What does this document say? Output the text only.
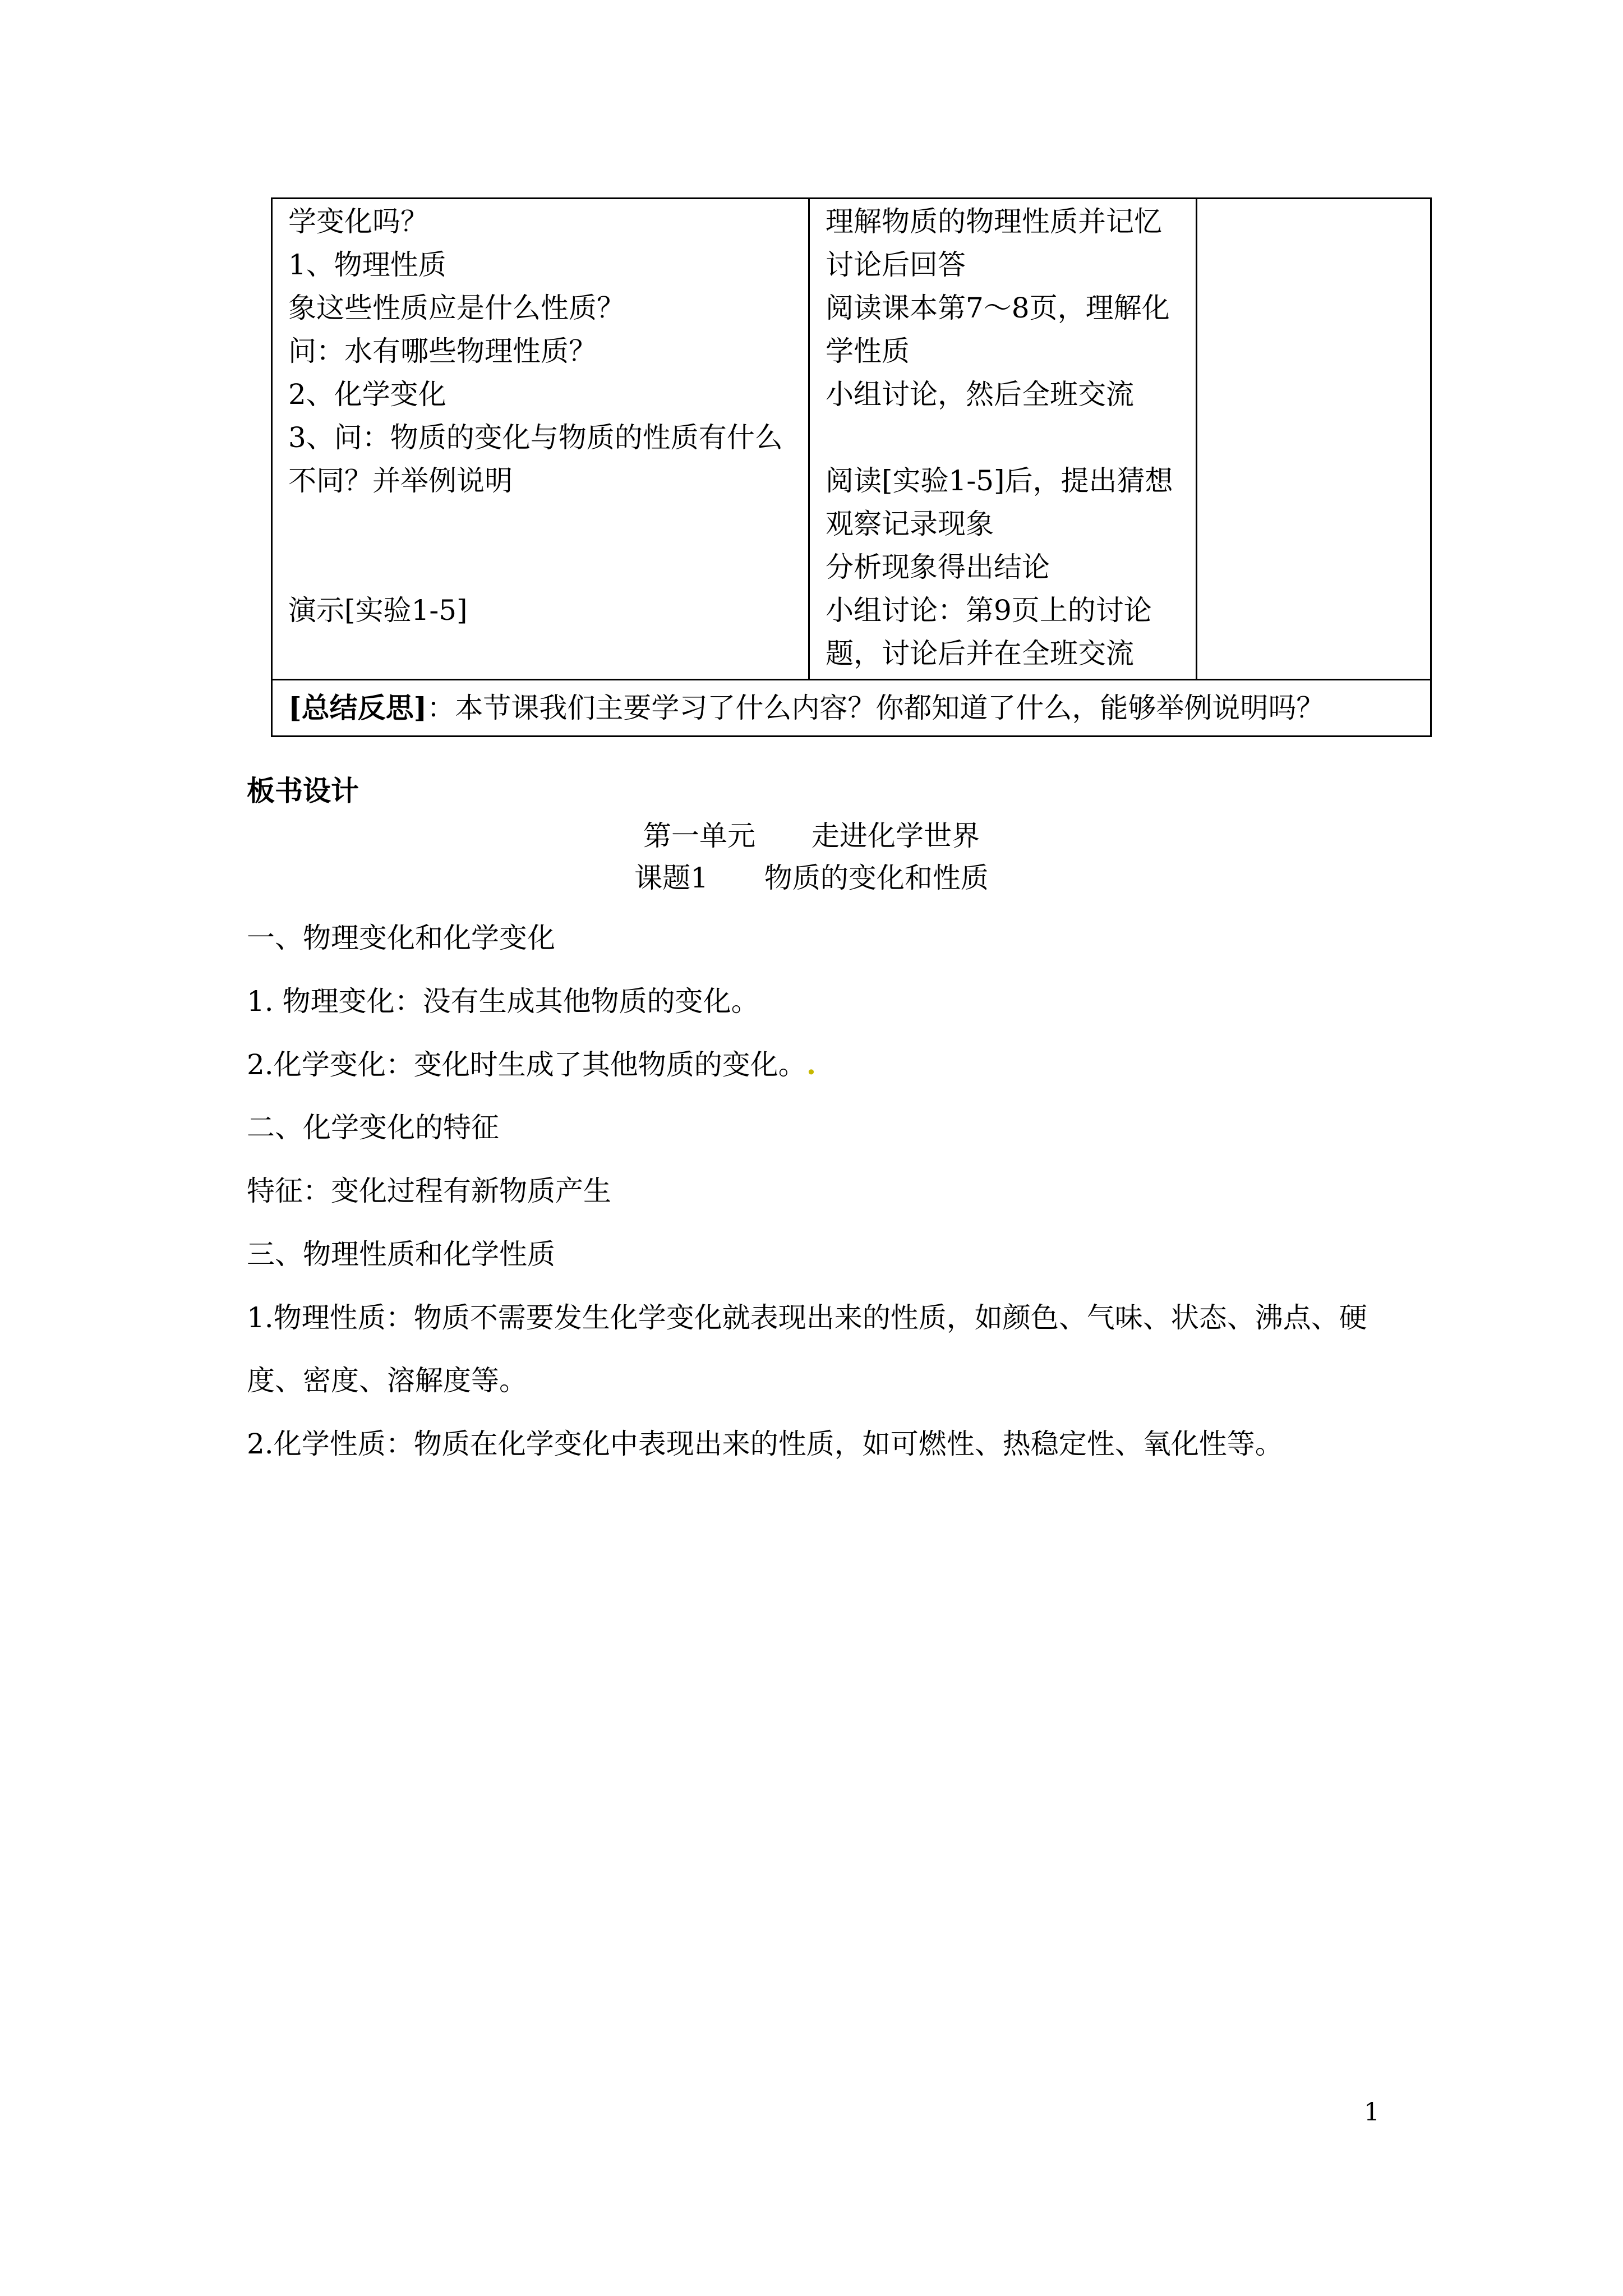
学变化吗？
1、物理性质
象这些性质应是什么性质？
问：水有哪些物理性质？
2、化学变化
3、问：物质的变化与物质的性质有什么
不同？并举例说明
演示[实验1-5]

理解物质的物理性质并记忆
讨论后回答
阅读课本第7～8页，理解化
学性质
小组讨论，然后全班交流
阅读[实验1-5]后，提出猜想
观察记录现象
分析现象得出结论
小组讨论：第9页上的讨论
题，讨论后并在全班交流

[总结反思]：本节课我们主要学习了什么内容？你都知道了什么，能够举例说明吗？
板书设计
第一单元　　走进化学世界
课题1　　物质的变化和性质
一、物理变化和化学变化
1. 物理变化：没有生成其他物质的变化。
2.化学变化：变化时生成了其他物质的变化。.
二、化学变化的特征
特征：变化过程有新物质产生
三、物理性质和化学性质
1.物理性质：物质不需要发生化学变化就表现出来的性质，如颜色、气味、状态、沸点、硬
度、密度、溶解度等。
2.化学性质：物质在化学变化中表现出来的性质，如可燃性、热稳定性、氧化性等。
1
